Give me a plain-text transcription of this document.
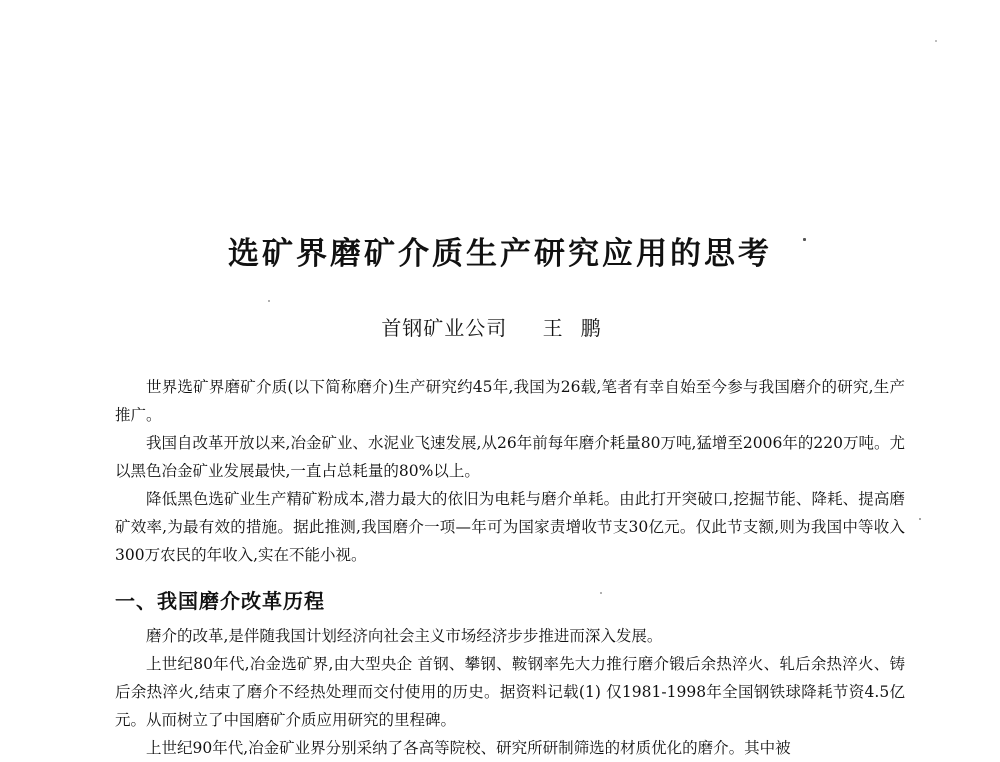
选矿界磨矿介质生产研究应用的思考
首钢矿业公司 王鹏

世界选矿界磨矿介质(以下简称磨介)生产研究约45年,我国为26载,笔者有幸自始至今参与我国磨介的研究,生产推广。

我国自改革开放以来,冶金矿业、水泥业飞速发展,从26年前每年磨介耗量80万吨,猛增至2006年的220万吨。尤以黑色冶金矿业发展最快,一直占总耗量的80%以上。

降低黑色选矿业生产精矿粉成本,潜力最大的依旧为电耗与磨介单耗。由此打开突破口,挖掘节能、降耗、提高磨矿效率,为最有效的措施。据此推测,我国磨介一项—年可为国家责增收节支30亿元。仅此节支额,则为我国中等收入300万农民的年收入,实在不能小视。

一、我国磨介改革历程

磨介的改革,是伴随我国计划经济向社会主义市场经济步步推进而深入发展。

上世纪80年代,冶金选矿界,由大型央企 首钢、攀钢、鞍钢率先大力推行磨介锻后余热淬火、轧后余热淬火、铸后余热淬火,结束了磨介不经热处理而交付使用的历史。据资料记载(1) 仅1981-1998年全国钢铁球降耗节资4.5亿元。从而树立了中国磨矿介质应用研究的里程碑。

上世纪90年代,冶金矿业界分别采纳了各高等院校、研究所研制筛选的材质优化的磨介。其中被
